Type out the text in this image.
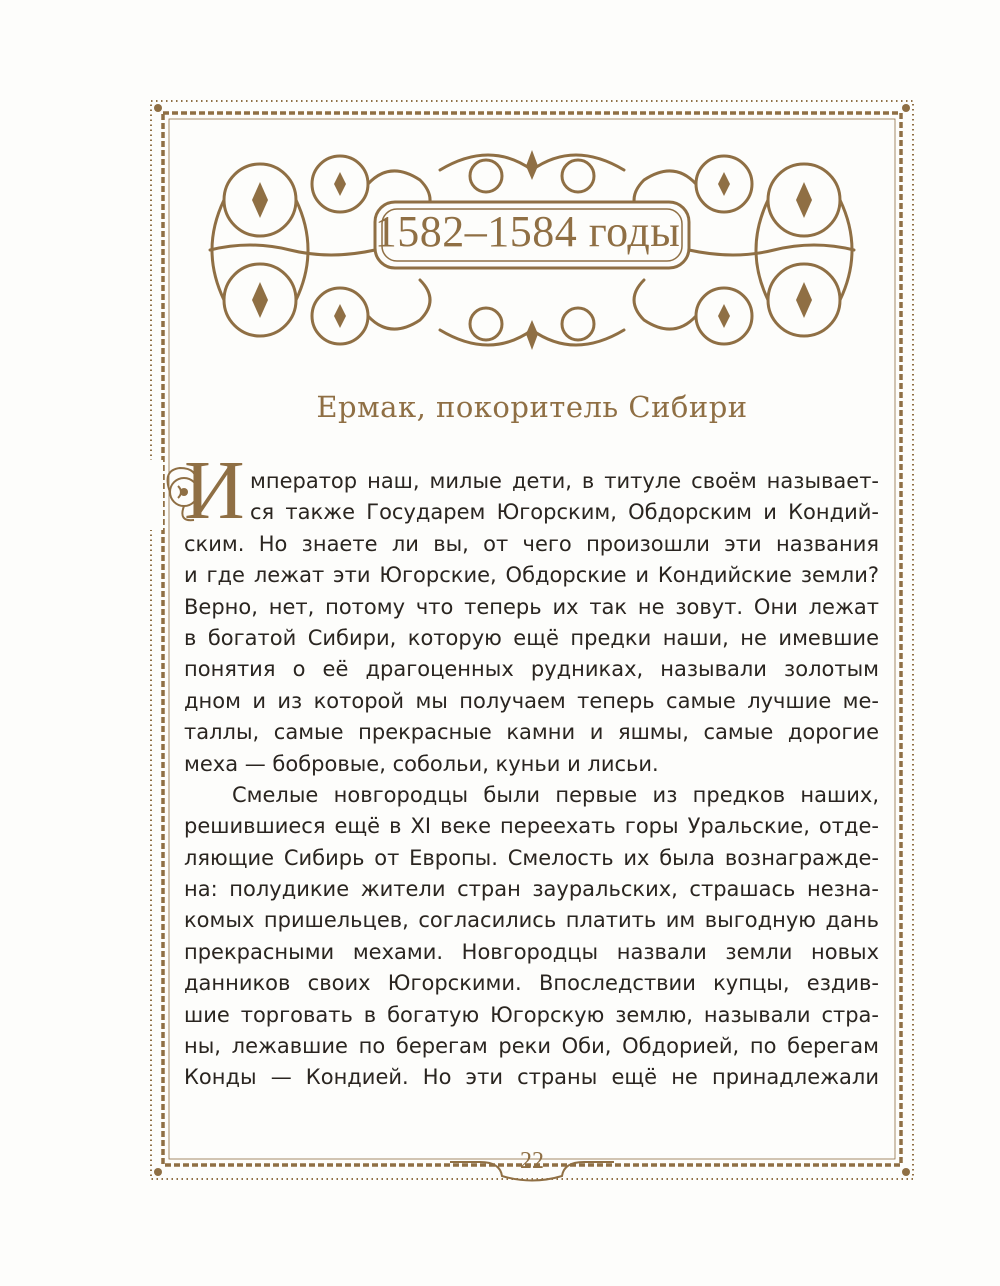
1582–1584 годы
Ермак, покоритель Сибири
И мператор наш, милые дети, в титуле своём называет-
ся также Государем Югорским, Обдорским и Кондий-
ским. Но знаете ли вы, от чего произошли эти названия
и где лежат эти Югорские, Обдорские и Кондийские земли?
Верно, нет, потому что теперь их так не зовут. Они лежат
в богатой Сибири, которую ещё предки наши, не имевшие
понятия о её драгоценных рудниках, называли золотым
дном и из которой мы получаем теперь самые лучшие ме-
таллы, самые прекрасные камни и яшмы, самые дорогие
меха — бобровые, собольи, куньи и лисьи.
Смелые новгородцы были первые из предков наших,
решившиеся ещё в XI веке переехать горы Уральские, отде-
ляющие Сибирь от Европы. Смелость их была вознагражде-
на: полудикие жители стран зауральских, страшась незна-
комых пришельцев, согласились платить им выгодную дань
прекрасными мехами. Новгородцы назвали земли новых
данников своих Югорскими. Впоследствии купцы, ездив-
шие торговать в богатую Югорскую землю, называли стра-
ны, лежавшие по берегам реки Оби, Обдорией, по берегам
Конды — Кондией. Но эти страны ещё не принадлежали
22
